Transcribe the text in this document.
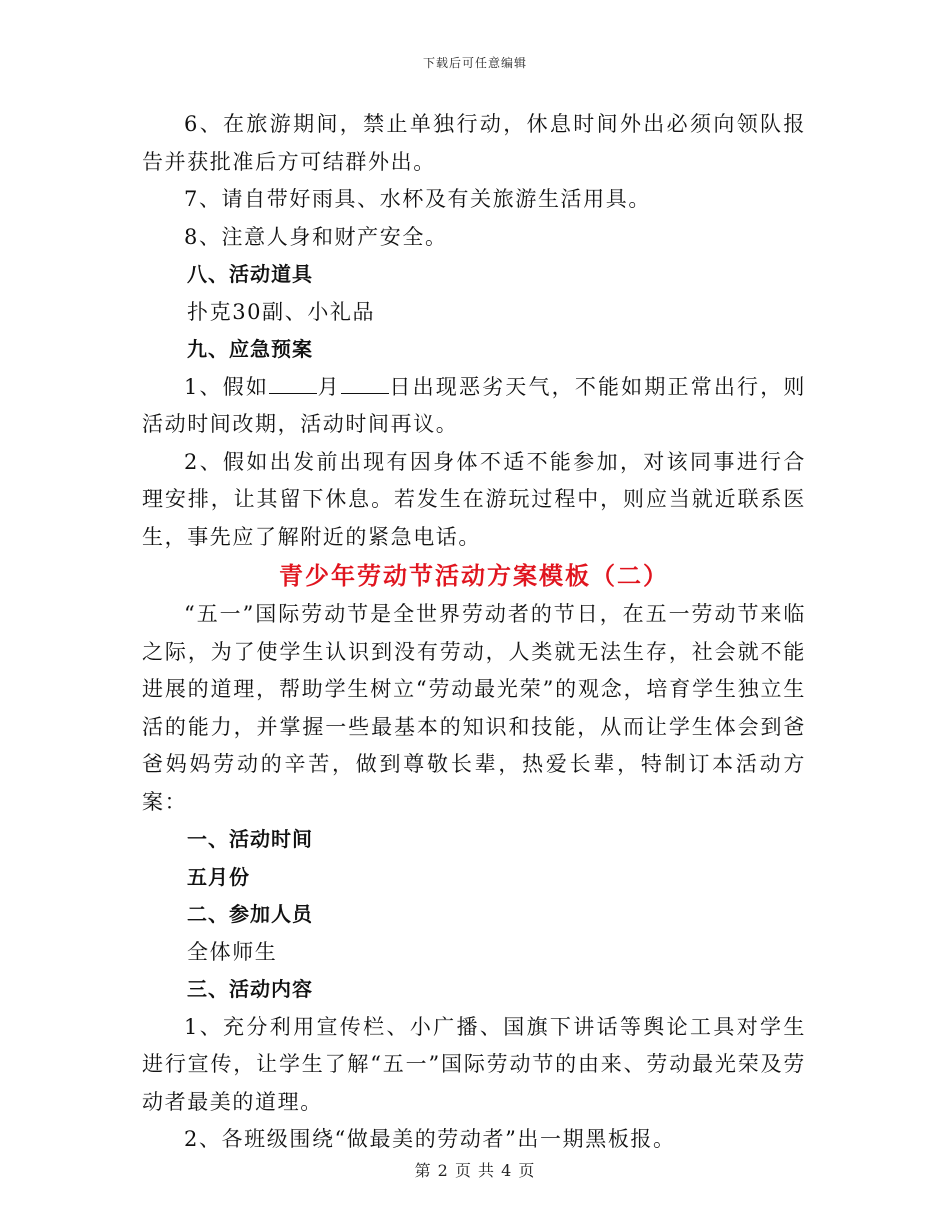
下载后可任意编辑

6、在旅游期间，禁止单独行动，休息时间外出必须向领队报告并获批准后方可结群外出。

7、请自带好雨具、水杯及有关旅游生活用具。

8、注意人身和财产安全。

八、活动道具

扑克30副、小礼品

九、应急预案

1、假如 月 日出现恶劣天气，不能如期正常出行，则活动时间改期，活动时间再议。

2、假如出发前出现有因身体不适不能参加，对该同事进行合理安排，让其留下休息。若发生在游玩过程中，则应当就近联系医生，事先应了解附近的紧急电话。

青少年劳动节活动方案模板（二）

“五一”国际劳动节是全世界劳动者的节日，在五一劳动节来临之际，为了使学生认识到没有劳动，人类就无法生存，社会就不能进展的道理，帮助学生树立“劳动最光荣”的观念，培育学生独立生活的能力，并掌握一些最基本的知识和技能，从而让学生体会到爸爸妈妈劳动的辛苦，做到尊敬长辈，热爱长辈，特制订本活动方案：

一、活动时间

五月份

二、参加人员

全体师生

三、活动内容

1、充分利用宣传栏、小广播、国旗下讲话等舆论工具对学生进行宣传，让学生了解“五一”国际劳动节的由来、劳动最光荣及劳动者最美的道理。

2、各班级围绕“做最美的劳动者”出一期黑板报。

第 2 页 共 4 页
